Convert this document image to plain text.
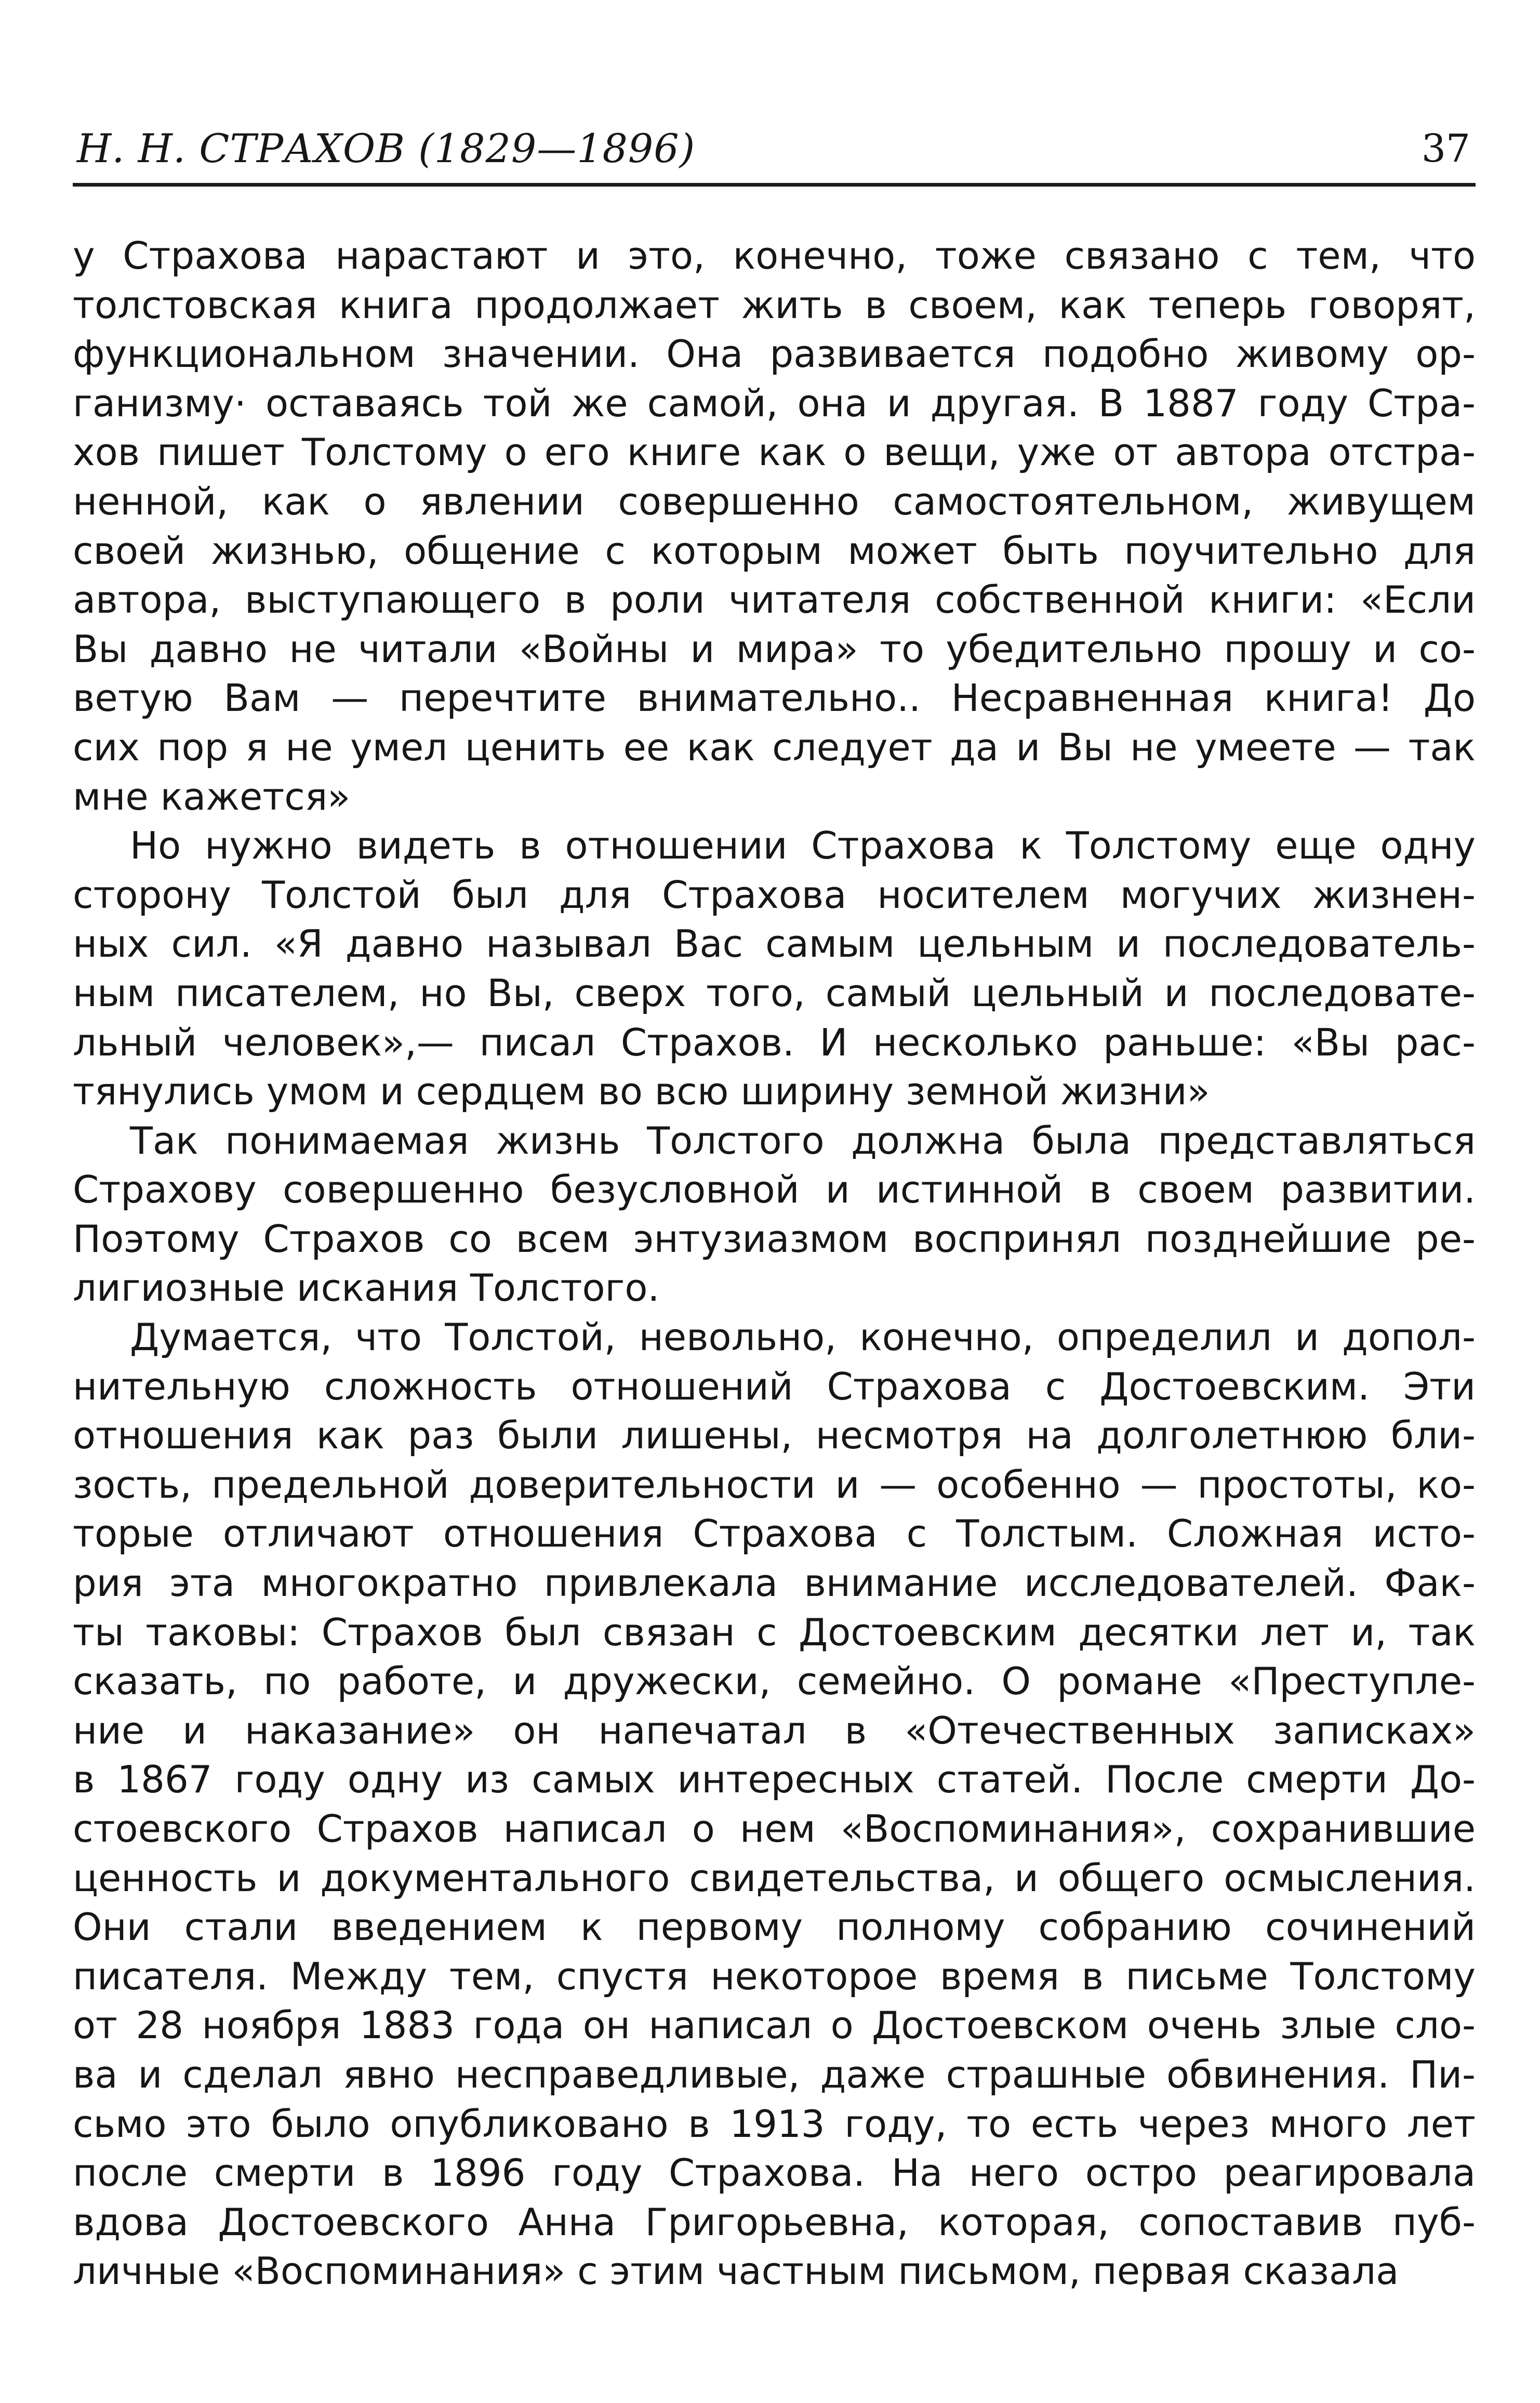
Н. Н. СТРАХОВ (1829—1896)	37
у Страхова нарастают и это, конечно, тоже связано с тем, что
толстовская книга продолжает жить в своем, как теперь говорят,
функциональном значении. Она развивается подобно живому ор-
ганизму· оставаясь той же самой, она и другая. В 1887 году Стра-
хов пишет Толстому о его книге как о вещи, уже от автора отстра-
ненной, как о явлении совершенно самостоятельном, живущем
своей жизнью, общение с которым может быть поучительно для
автора, выступающего в роли читателя собственной книги: «Если
Вы давно не читали «Войны и мира» то убедительно прошу и со-
ветую Вам — перечтите внимательно.. Несравненная книга! До
сих пор я не умел ценить ее как следует да и Вы не умеете — так
мне кажется»
Но нужно видеть в отношении Страхова к Толстому еще одну
сторону Толстой был для Страхова носителем могучих жизнен-
ных сил. «Я давно называл Вас самым цельным и последователь-
ным писателем, но Вы, сверх того, самый цельный и последовате-
льный человек»,— писал Страхов. И несколько раньше: «Вы рас-
тянулись умом и сердцем во всю ширину земной жизни»
Так понимаемая жизнь Толстого должна была представляться
Страхову совершенно безусловной и истинной в своем развитии.
Поэтому Страхов со всем энтузиазмом воспринял позднейшие ре-
лигиозные искания Толстого.
Думается, что Толстой, невольно, конечно, определил и допол-
нительную сложность отношений Страхова с Достоевским. Эти
отношения как раз были лишены, несмотря на долголетнюю бли-
зость, предельной доверительности и — особенно — простоты, ко-
торые отличают отношения Страхова с Толстым. Сложная исто-
рия эта многократно привлекала внимание исследователей. Фак-
ты таковы: Страхов был связан с Достоевским десятки лет и, так
сказать, по работе, и дружески, семейно. О романе «Преступле-
ние и наказание» он напечатал в «Отечественных записках»
в 1867 году одну из самых интересных статей. После смерти До-
стоевского Страхов написал о нем «Воспоминания», сохранившие
ценность и документального свидетельства, и общего осмысления.
Они стали введением к первому полному собранию сочинений
писателя. Между тем, спустя некоторое время в письме Толстому
от 28 ноября 1883 года он написал о Достоевском очень злые сло-
ва и сделал явно несправедливые, даже страшные обвинения. Пи-
сьмо это было опубликовано в 1913 году, то есть через много лет
после смерти в 1896 году Страхова. На него остро реагировала
вдова Достоевского Анна Григорьевна, которая, сопоставив пуб-
личные «Воспоминания» с этим частным письмом, первая сказала
